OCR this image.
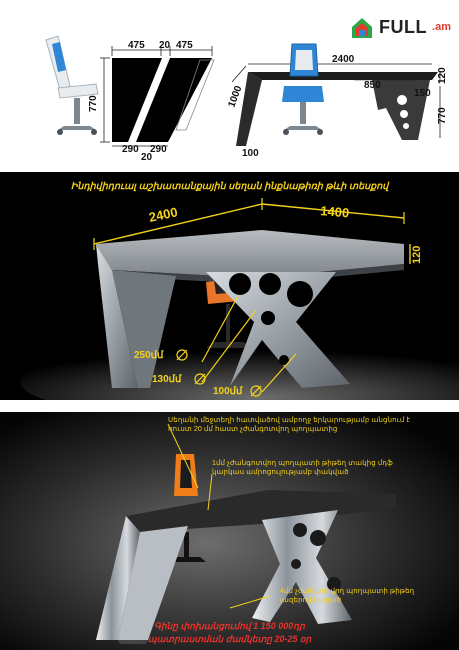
475 20 475
770
290 290
20
2400
850
120
150
770
1000
100
FULL .am
Ինդիվիդուալ աշխատանքային սեղան ինքնաթիռի թևի տեսքով
2400	1400
120
250մմ
130մմ
100մմ
Սեղանի մեջտեղի հատվածով ամբողջ երկարությամբ անցնում է ռուստ 20 մմ հաստ չժանգոտվող պողպատից
1մմ չժանգոտվող պողպատի թիթեղ տակից մդֆ կարկաս ամրոցուլությամբ փակված
4մմ չժանգոտվող պողպատի թիթեղ լազերով կտրած
Գինը փոխանցումով 1 150 000դր
պատրաստման ժամկետը 20-25 օր
